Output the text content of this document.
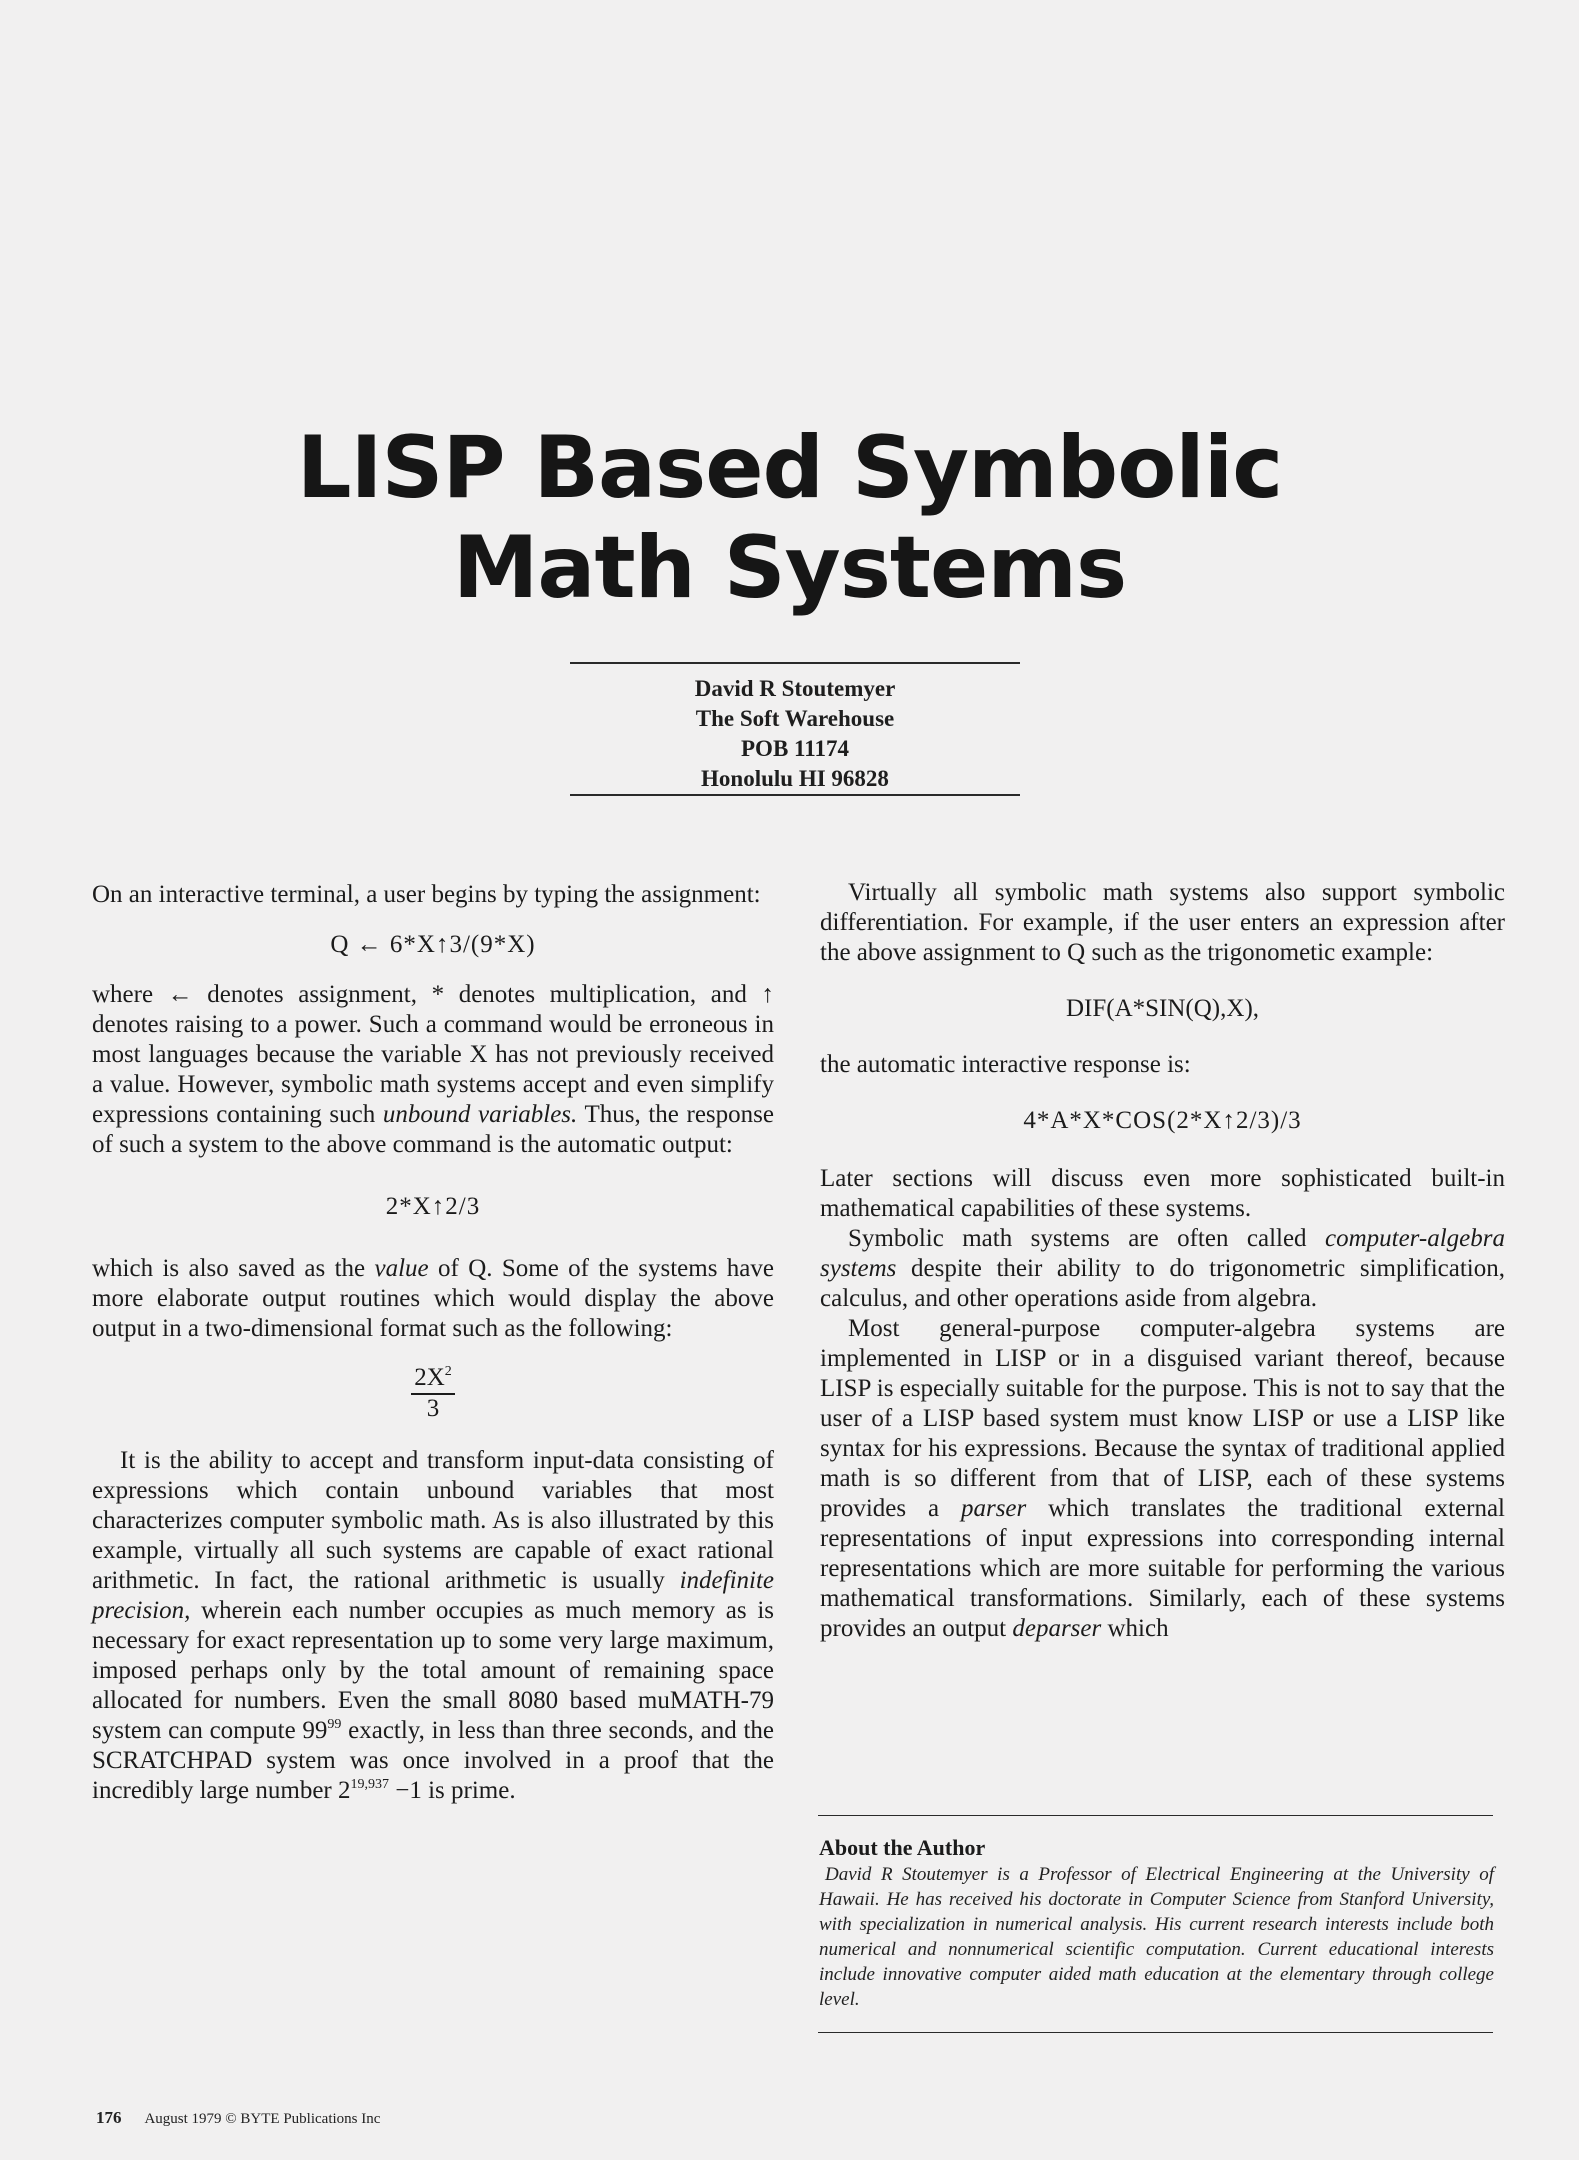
LISP Based Symbolic
Math Systems
David R Stoutemyer
The Soft Warehouse
POB 11174
Honolulu HI 96828

On an interactive terminal, a user begins by typing the assignment:

Q ← 6*X↑3/(9*X)

where ← denotes assignment, * denotes multiplication, and ↑ denotes raising to a power. Such a command would be erroneous in most languages because the variable X has not previously received a value. However, symbolic math systems accept and even simplify expressions containing such unbound variables. Thus, the response of such a system to the above command is the automatic output:

2*X↑2/3

which is also saved as the value of Q. Some of the systems have more elaborate output routines which would display the above output in a two-dimensional format such as the following:

$\frac{2X^2}{3}$

It is the ability to accept and transform input-data consisting of expressions which contain unbound variables that most characterizes computer symbolic math. As is also illustrated by this example, virtually all such systems are capable of exact rational arithmetic. In fact, the rational arithmetic is usually indefinite precision, wherein each number occupies as much memory as is necessary for exact representation up to some very large maximum, imposed perhaps only by the total amount of remaining space allocated for numbers. Even the small 8080 based muMATH-79 system can compute $99^{99}$ exactly, in less than three seconds, and the SCRATCHPAD system was once involved in a proof that the incredibly large number $2^{19,937} -1$ is prime.

Virtually all symbolic math systems also support symbolic differentiation. For example, if the user enters an expression after the above assignment to Q such as the trigonometic example:

DIF(A*SIN(Q),X),

the automatic interactive response is:

4*A*X*COS(2*X↑2/3)/3

Later sections will discuss even more sophisticated built-in mathematical capabilities of these systems.

Symbolic math systems are often called computer-algebra systems despite their ability to do trigonometric simplification, calculus, and other operations aside from algebra.

Most general-purpose computer-algebra systems are implemented in LISP or in a disguised variant thereof, because LISP is especially suitable for the purpose. This is not to say that the user of a LISP based system must know LISP or use a LISP like syntax for his expressions. Because the syntax of traditional applied math is so different from that of LISP, each of these systems provides a parser which translates the traditional external representations of input expressions into corresponding internal representations which are more suitable for performing the various mathematical transformations. Similarly, each of these systems provides an output deparser which

About the Author
David R Stoutemyer is a Professor of Electrical Engineering at the University of Hawaii. He has received his doctorate in Computer Science from Stanford University, with specialization in numerical analysis. His current research interests include both numerical and nonnumerical scientific computation. Current educational interests include innovative computer aided math education at the elementary through college level.
176 August 1979 © BYTE Publications Inc
